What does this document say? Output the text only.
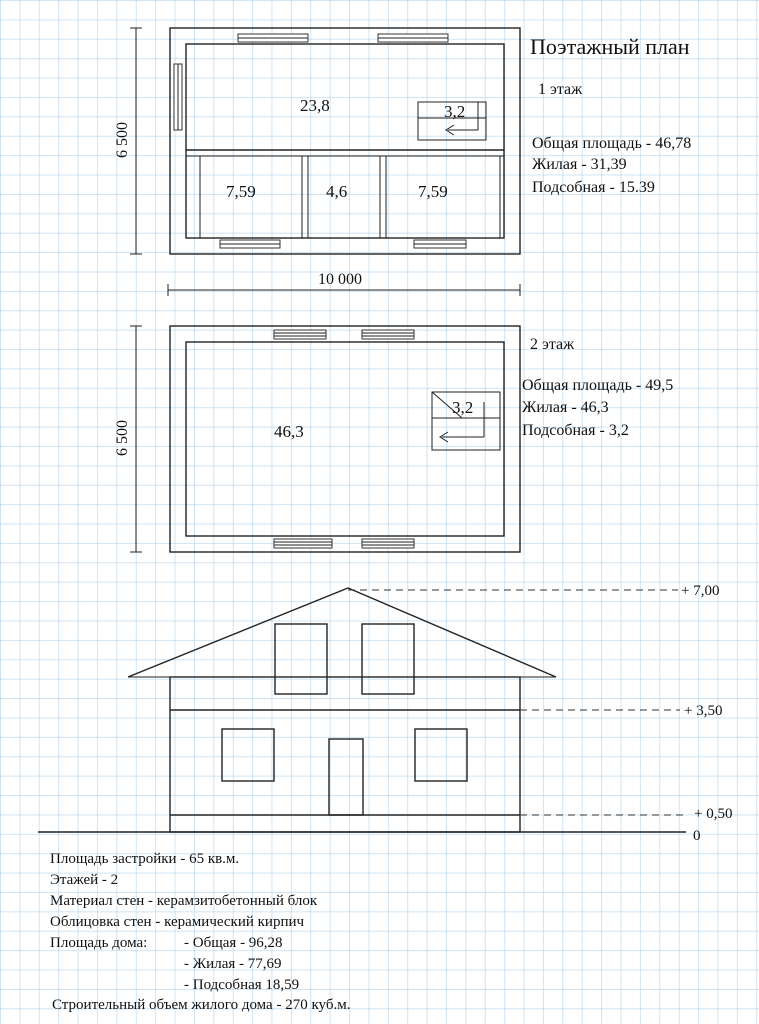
Поэтажный план
23,8	3,2
7,59	4,6	7,59
6 500
1 этаж
Общая площадь - 46,78
Жилая - 31,39
Подсобная - 15.39
10 000
46,3
3,2
6 500
2 этаж
Общая площадь - 49,5
Жилая - 46,3
Подсобная - 3,2
+ 7,00
+ 3,50
+ 0,50
0
Площадь застройки - 65 кв.м.
Этажей - 2
Материал стен - керамзитобетонный блок
Облицовка стен - керамический кирпич
Площадь дома: - Общая - 96,28
- Жилая - 77,69
- Подсобная 18,59
Строительный объем жилого дома - 270 куб.м.
